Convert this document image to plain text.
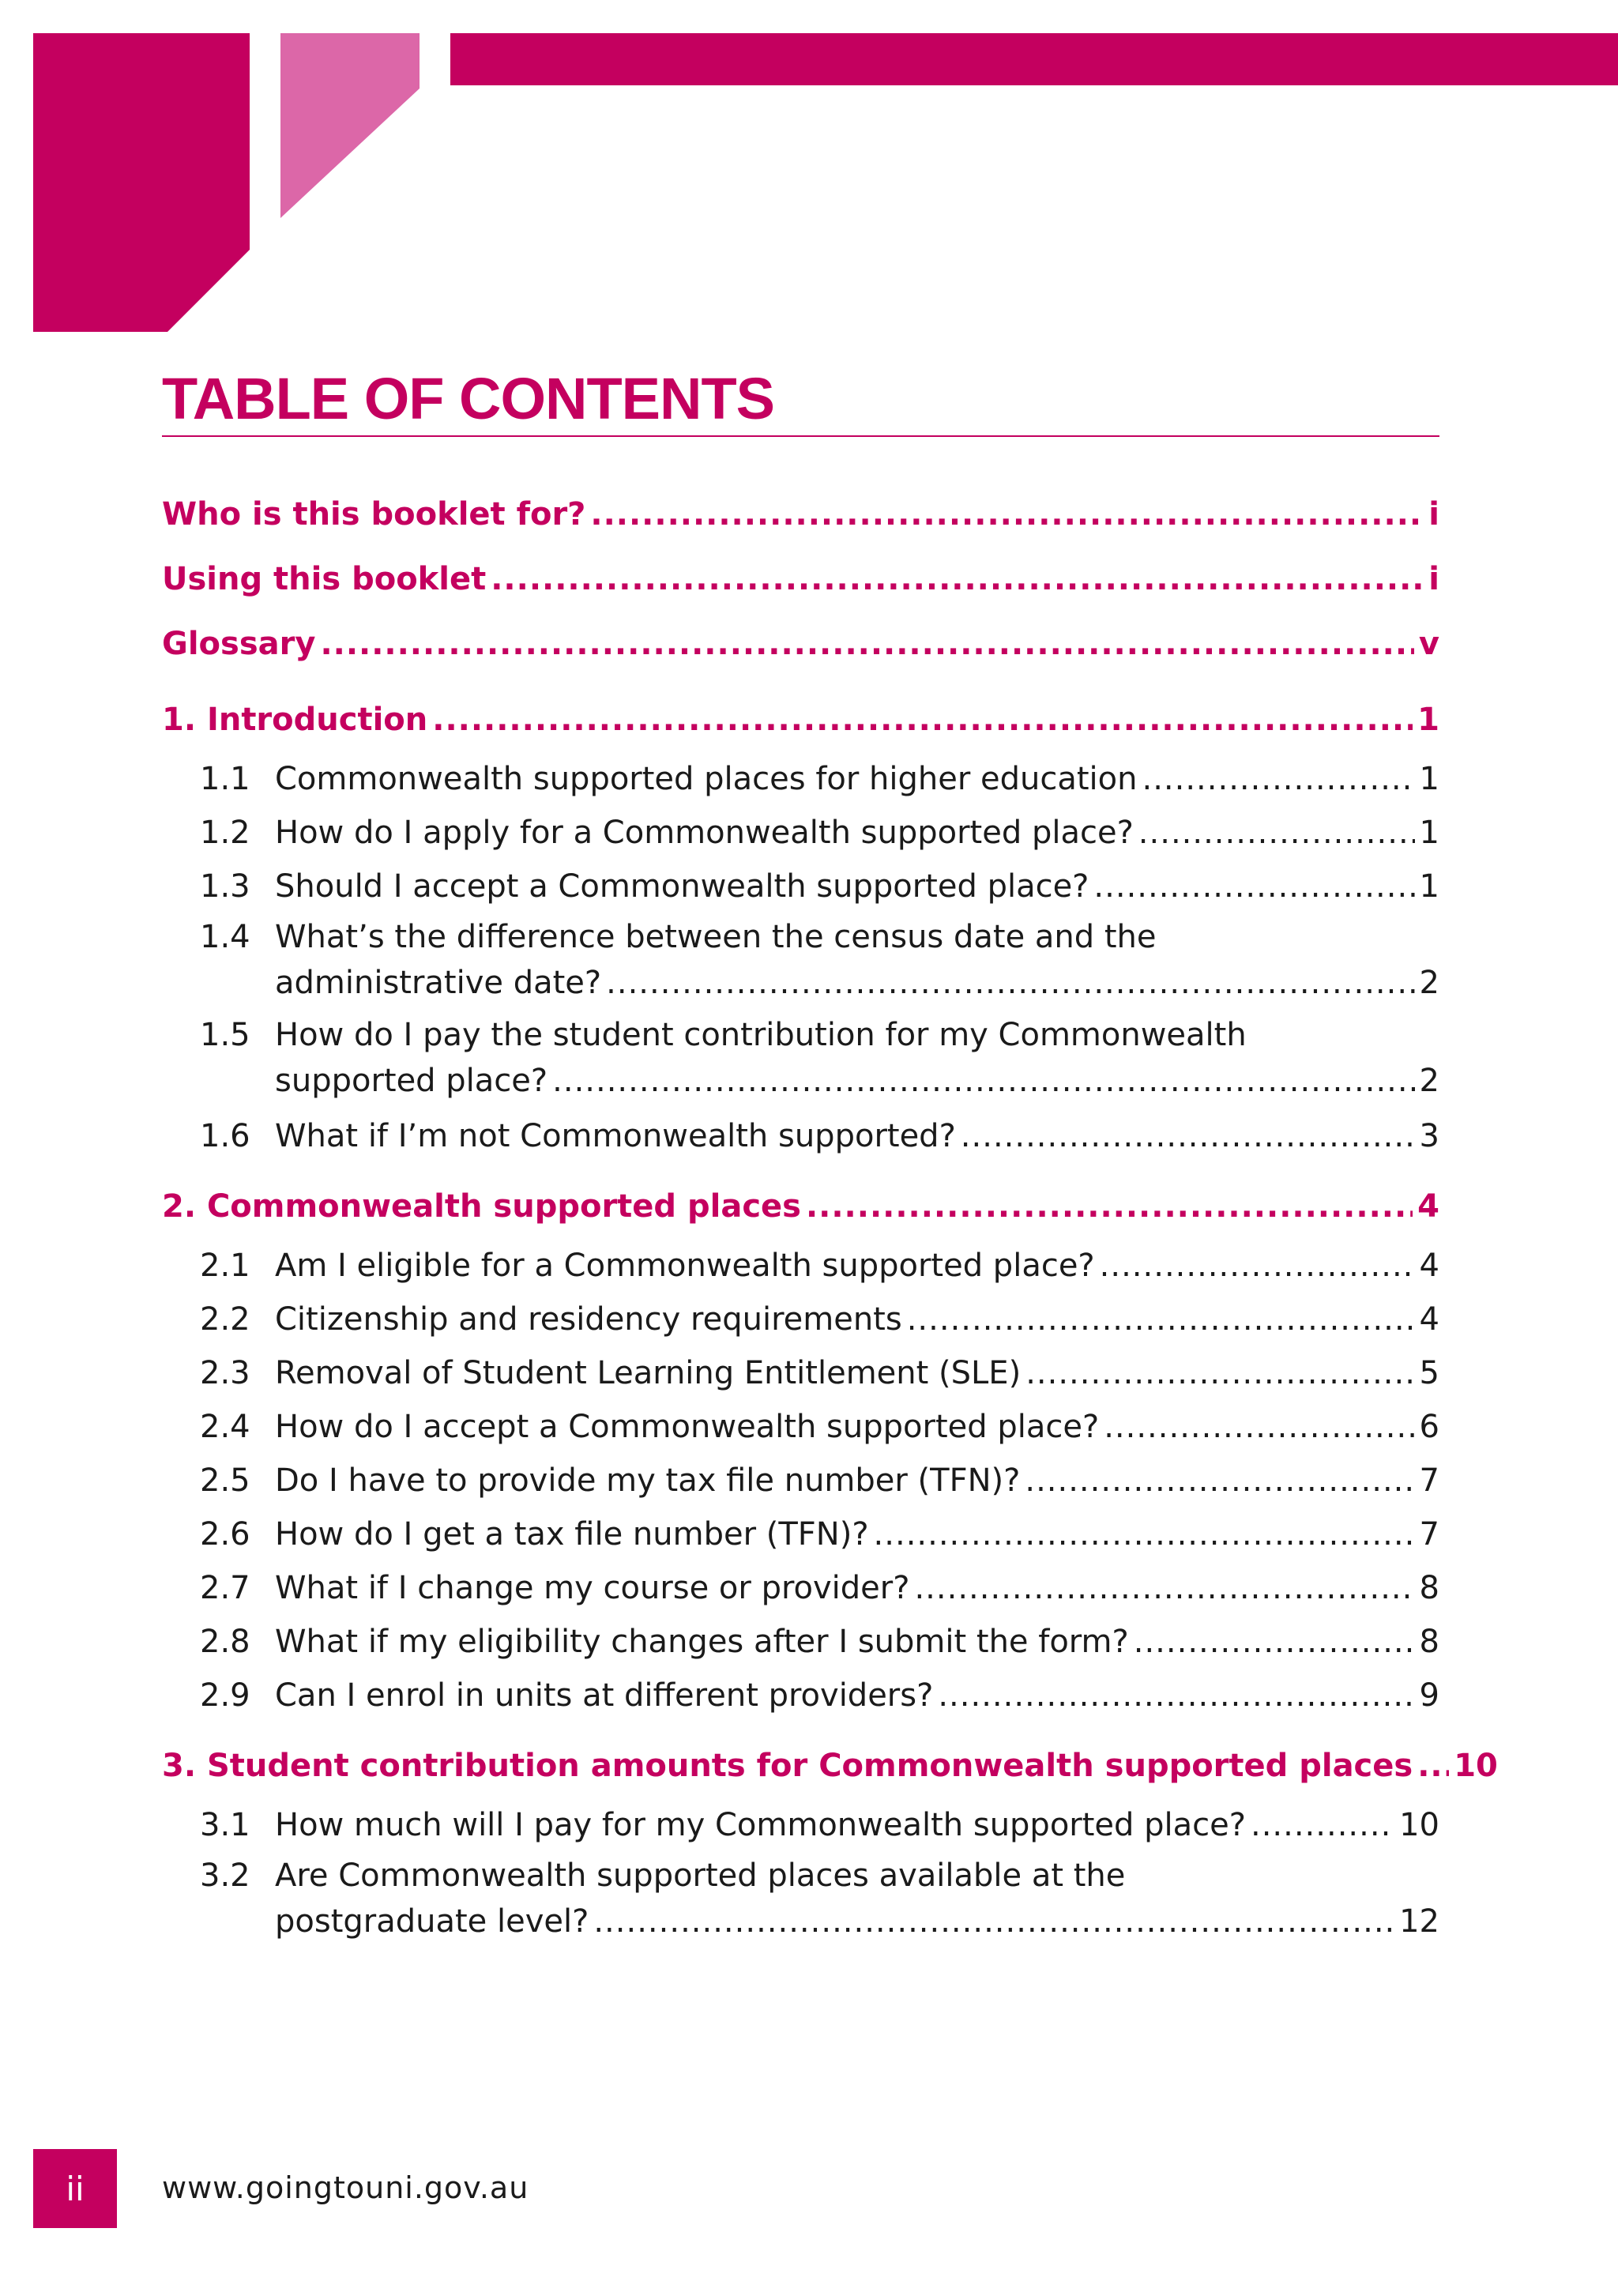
TABLE OF CONTENTS
Who is this booklet for? .....	i
Using this booklet .....	i
Glossary .....	v
1. Introduction .....	1
1.1 Commonwealth supported places for higher education .....	1
1.2 How do I apply for a Commonwealth supported place? .....	1
1.3 Should I accept a Commonwealth supported place? .....	1
1.4 What’s the difference between the census date and the
administrative date? .....	2
1.5 How do I pay the student contribution for my Commonwealth
supported place? .....	2
1.6 What if I’m not Commonwealth supported? .....	3
2. Commonwealth supported places .....	4
2.1 Am I eligible for a Commonwealth supported place? .....	4
2.2 Citizenship and residency requirements .....	4
2.3 Removal of Student Learning Entitlement (SLE) .....	5
2.4 How do I accept a Commonwealth supported place? .....	6
2.5 Do I have to provide my tax file number (TFN)? .....	7
2.6 How do I get a tax file number (TFN)? .....	7
2.7 What if I change my course or provider? .....	8
2.8 What if my eligibility changes after I submit the form? .....	8
2.9 Can I enrol in units at different providers? .....	9
3. Student contribution amounts for Commonwealth supported places ..... 10
3.1 How much will I pay for my Commonwealth supported place? .....	10
3.2 Are Commonwealth supported places available at the
postgraduate level? .....	12
ii	www.goingtouni.gov.au
